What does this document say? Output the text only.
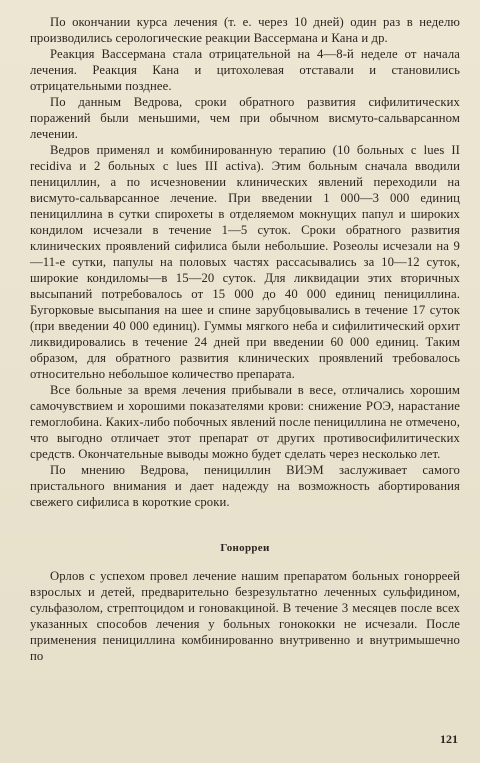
По окончании курса лечения (т. е. через 10 дней) один раз в неделю производились серологические реакции Вассермана и Кана и др.

Реакция Вассермана стала отрицательной на 4—8-й неделе от начала лечения. Реакция Кана и цитохолевая отставали и становились отрицательными позднее.

По данным Ведрова, сроки обратного развития сифилитических поражений были меньшими, чем при обычном висмуто-сальварсанном лечении.

Ведров применял и комбинированную терапию (10 больных с lues II recidiva и 2 больных с lues III activa). Этим больным сначала вводили пенициллин, а по исчезновении клинических явлений переходили на висмуто-сальварсанное лечение. При введении 1 000—3 000 единиц пенициллина в сутки спирохеты в отделяемом мокнущих папул и широких кондилом исчезали в течение 1—5 суток. Сроки обратного развития клинических проявлений сифилиса были небольшие. Розеолы исчезали на 9—11-е сутки, папулы на половых частях рассасывались за 10—12 суток, широкие кондиломы—в 15—20 суток. Для ликвидации этих вторичных высыпаний потребовалось от 15 000 до 40 000 единиц пенициллина. Бугорковые высыпания на шее и спине зарубцовывались в течение 17 суток (при введении 40 000 единиц). Гуммы мягкого неба и сифилитический орхит ликвидировались в течение 24 дней при введении 60 000 единиц. Таким образом, для обратного развития клинических проявлений требовалось относительно небольшое количество препарата.

Все больные за время лечения прибывали в весе, отличались хорошим самочувствием и хорошими показателями крови: снижение РОЭ, нарастание гемоглобина. Каких-либо побочных явлений после пенициллина не отмечено, что выгодно отличает этот препарат от других противосифилитических средств. Окончательные выводы можно будет сделать через несколько лет.

По мнению Ведрова, пенициллин ВИЭМ заслуживает самого пристального внимания и дает надежду на возможность абортирования свежего сифилиса в короткие сроки.

Гонорреи

Орлов с успехом провел лечение нашим препаратом больных гонорреей взрослых и детей, предварительно безрезультатно леченных сульфидином, сульфазолом, стрептоцидом и гоновакциной. В течение 3 месяцев после всех указанных способов лечения у больных гонококки не исчезали. После применения пенициллина комбинированно внутривенно и внутримышечно по

121
